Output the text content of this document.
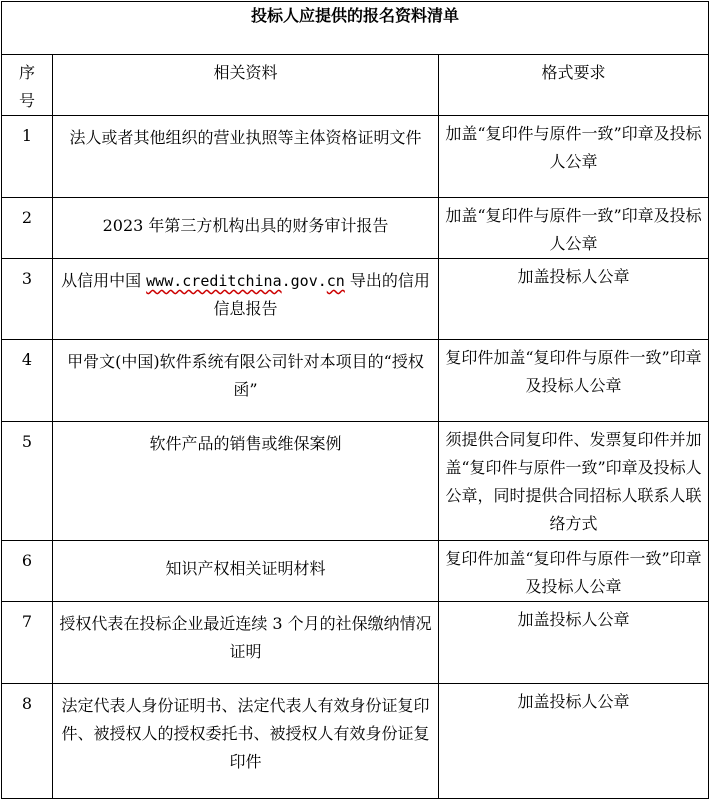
投标人应提供的报名资料清单		

序号	相关资料	格式要求

1	法人或者其他组织的营业执照等主体资格证明文件	加盖“复印件与原件一致”印章及投标人公章

2	2023 年第三方机构出具的财务审计报告	加盖“复印件与原件一致”印章及投标人公章

3	从信用中国 www.creditchina.gov.cn 导出的信用信息报告	加盖投标人公章

4	甲骨文(中国)软件系统有限公司针对本项目的“授权函”	复印件加盖“复印件与原件一致”印章及投标人公章

5	软件产品的销售或维保案例	须提供合同复印件、发票复印件并加盖“复印件与原件一致”印章及投标人公章，同时提供合同招标人联系人联络方式

6	知识产权相关证明材料	复印件加盖“复印件与原件一致”印章及投标人公章

7	授权代表在投标企业最近连续 3 个月的社保缴纳情况证明	加盖投标人公章

8	法定代表人身份证明书、法定代表人有效身份证复印件、被授权人的授权委托书、被授权人有效身份证复印件	加盖投标人公章
